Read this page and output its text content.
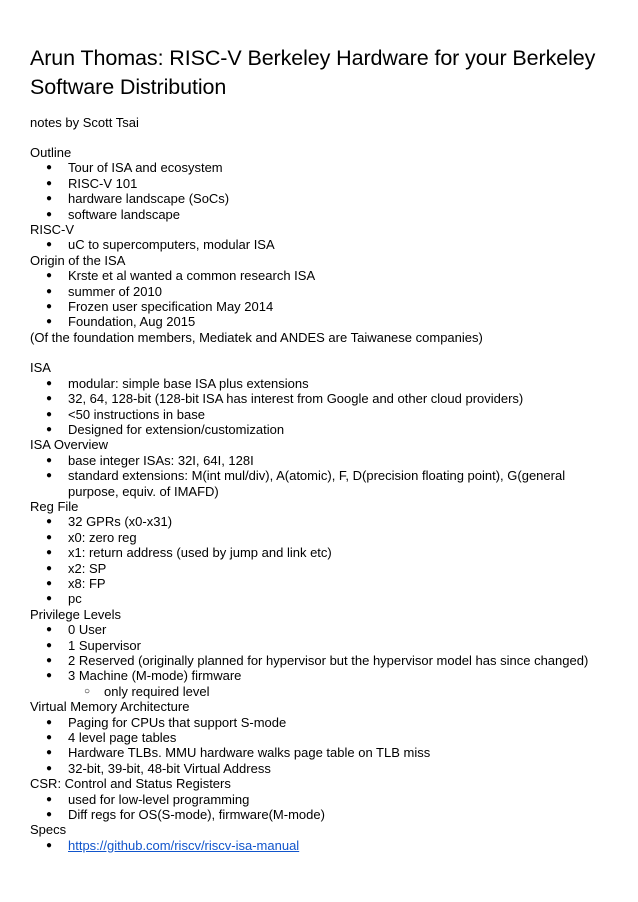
Arun Thomas: RISC-V Berkeley Hardware for your Berkeley Software Distribution
notes by Scott Tsai
Outline
● Tour of ISA and ecosystem
● RISC-V 101
● hardware landscape (SoCs)
● software landscape
RISC-V
● uC to supercomputers, modular ISA
Origin of the ISA
● Krste et al wanted a common research ISA
● summer of 2010
● Frozen user specification May 2014
● Foundation, Aug 2015
(Of the foundation members, Mediatek and ANDES are Taiwanese companies)
ISA
● modular: simple base ISA plus extensions
● 32, 64, 128-bit (128-bit ISA has interest from Google and other cloud providers)
● <50 instructions in base
● Designed for extension/customization
ISA Overview
● base integer ISAs: 32I, 64I, 128I
● standard extensions: M(int mul/div), A(atomic), F, D(precision floating point), G(general purpose, equiv. of IMAFD)
Reg File
● 32 GPRs (x0-x31)
● x0: zero reg
● x1: return address (used by jump and link etc)
● x2: SP
● x8: FP
● pc
Privilege Levels
● 0 User
● 1 Supervisor
● 2 Reserved (originally planned for hypervisor but the hypervisor model has since changed)
● 3 Machine (M-mode) firmware
○ only required level
Virtual Memory Architecture
● Paging for CPUs that support S-mode
● 4 level page tables
● Hardware TLBs. MMU hardware walks page table on TLB miss
● 32-bit, 39-bit, 48-bit Virtual Address
CSR: Control and Status Registers
● used for low-level programming
● Diff regs for OS(S-mode), firmware(M-mode)
Specs
● https://github.com/riscv/riscv-isa-manual
